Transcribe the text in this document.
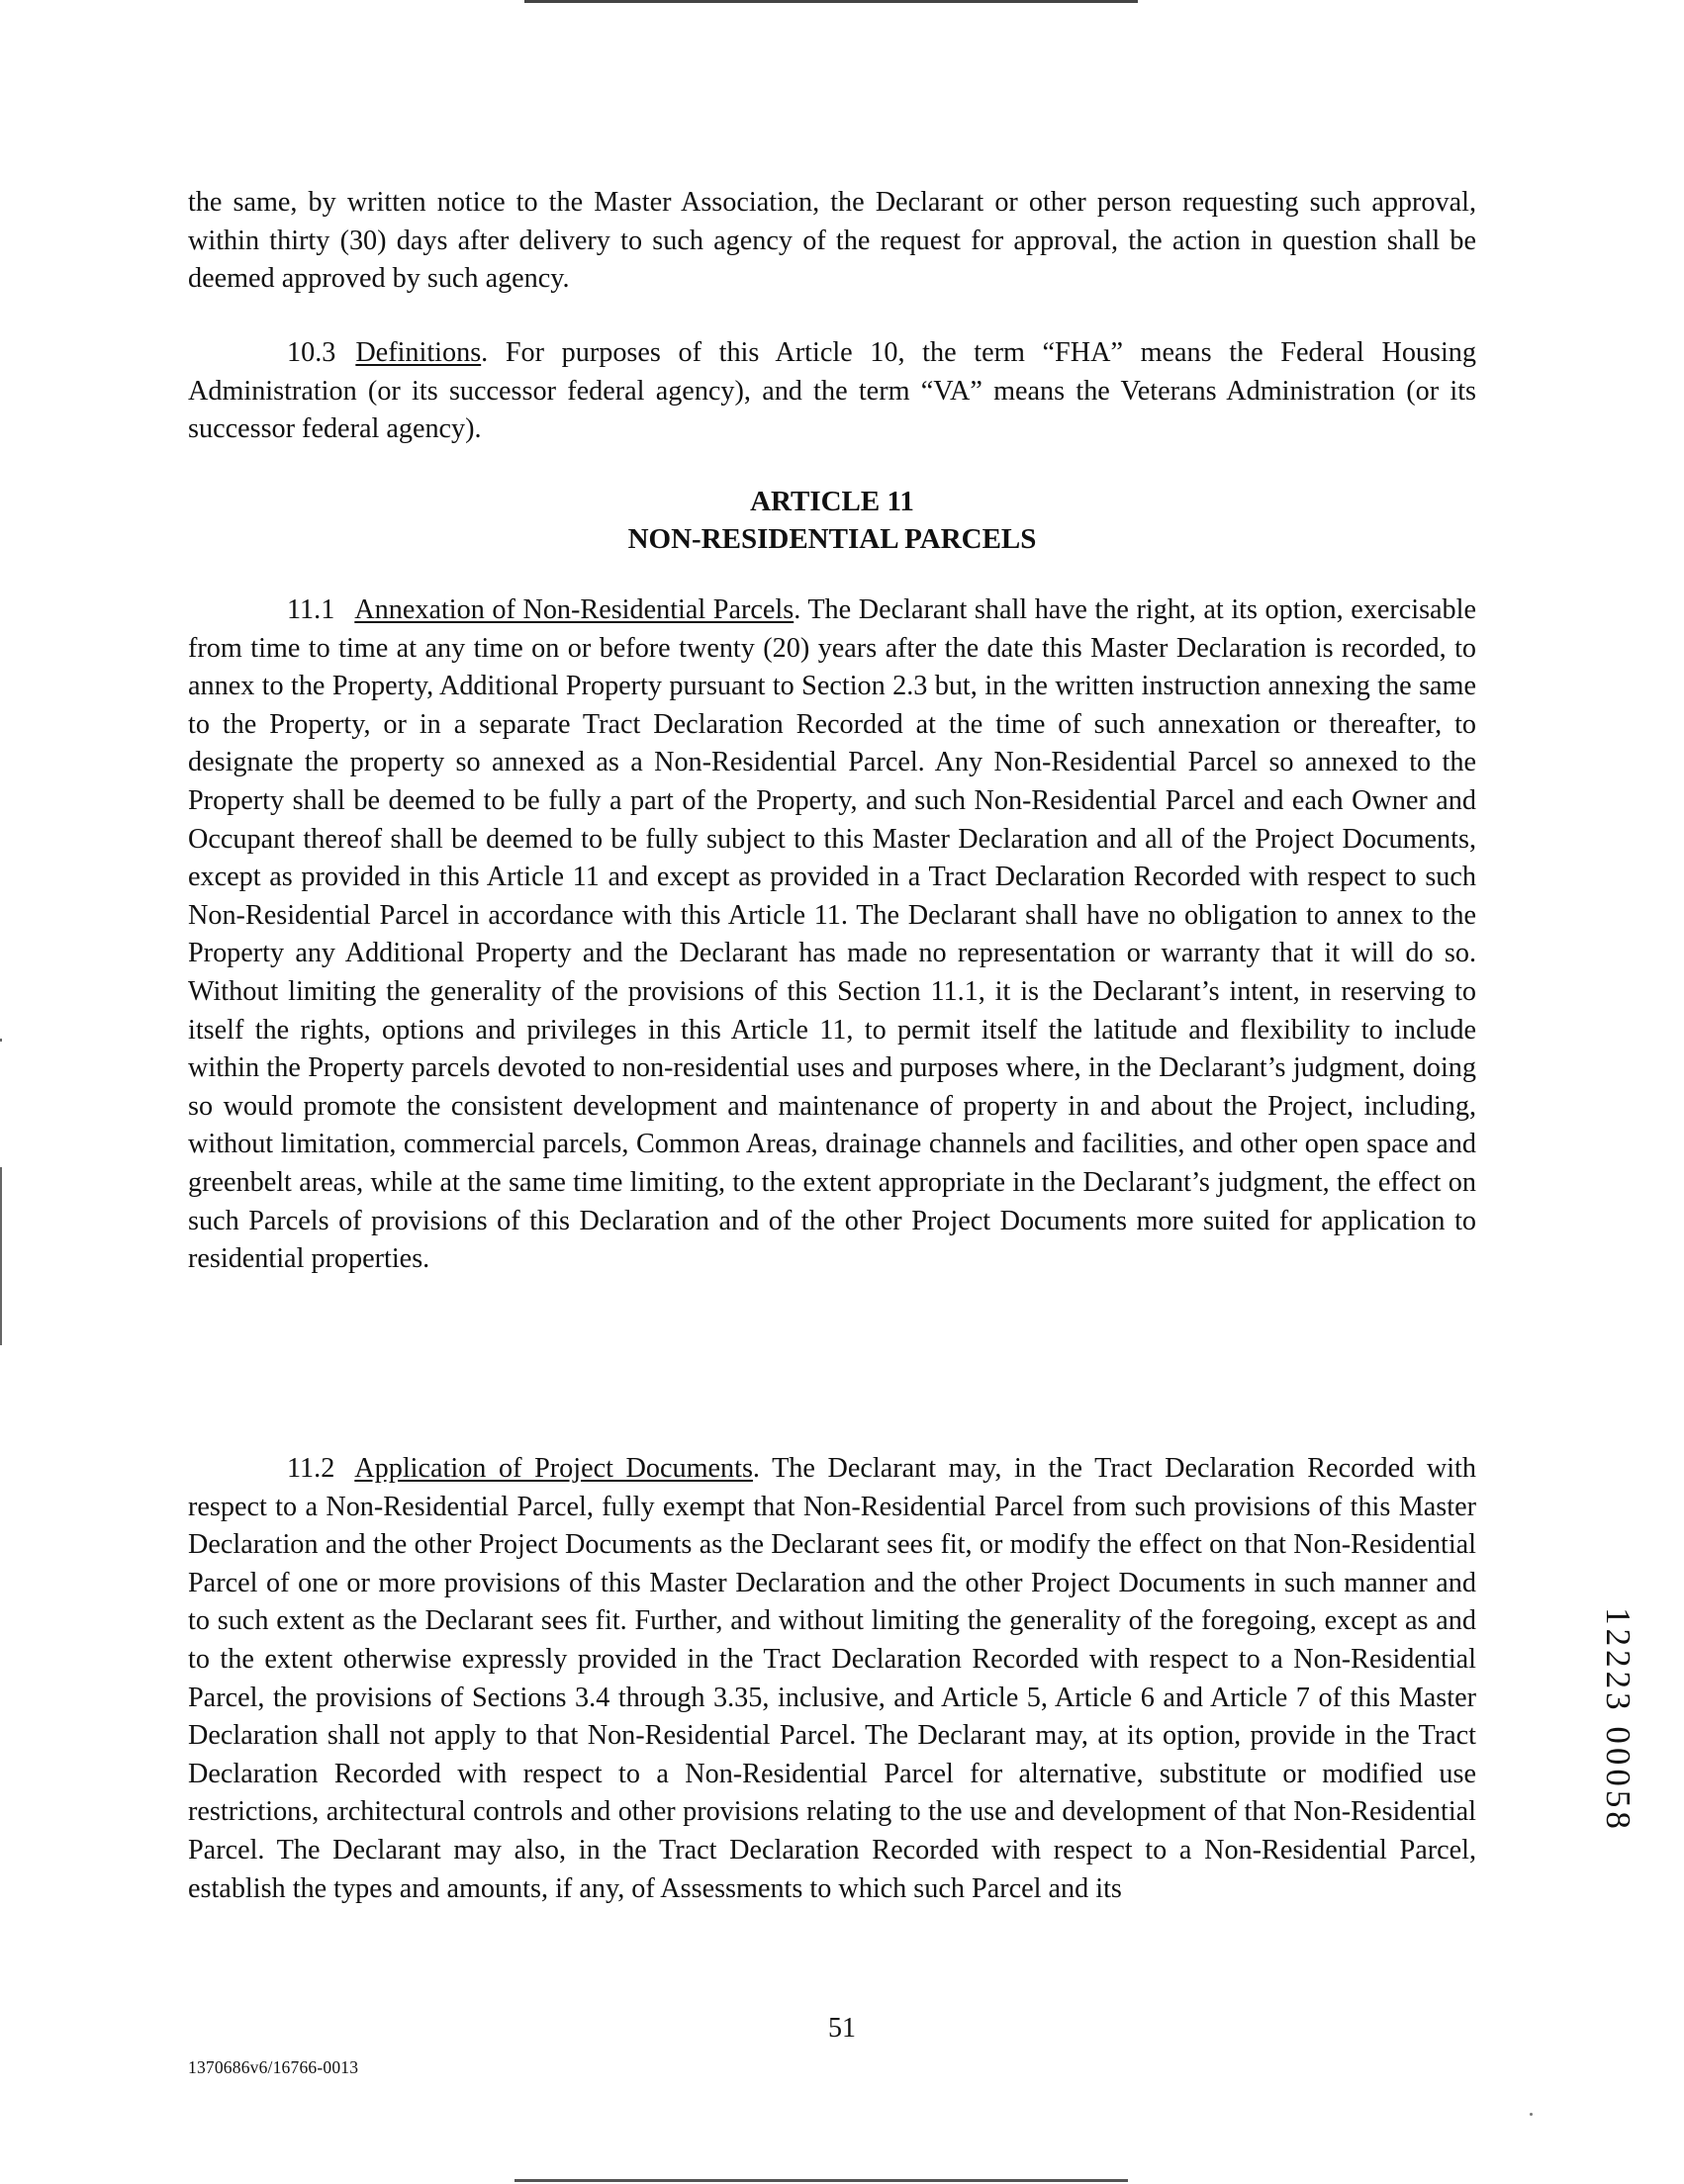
the same, by written notice to the Master Association, the Declarant or other person requesting such approval, within thirty (30) days after delivery to such agency of the request for approval, the action in question shall be deemed approved by such agency.

10.3 Definitions. For purposes of this Article 10, the term “FHA” means the Federal Housing Administration (or its successor federal agency), and the term “VA” means the Veterans Administration (or its successor federal agency).

ARTICLE 11
NON-RESIDENTIAL PARCELS

11.1 Annexation of Non-Residential Parcels. The Declarant shall have the right, at its option, exercisable from time to time at any time on or before twenty (20) years after the date this Master Declaration is recorded, to annex to the Property, Additional Property pursuant to Section 2.3 but, in the written instruction annexing the same to the Property, or in a separate Tract Declaration Recorded at the time of such annexation or thereafter, to designate the property so annexed as a Non-Residential Parcel. Any Non-Residential Parcel so annexed to the Property shall be deemed to be fully a part of the Property, and such Non-Residential Parcel and each Owner and Occupant thereof shall be deemed to be fully subject to this Master Declaration and all of the Project Documents, except as provided in this Article 11 and except as provided in a Tract Declaration Recorded with respect to such Non-Residential Parcel in accordance with this Article 11. The Declarant shall have no obligation to annex to the Property any Additional Property and the Declarant has made no representation or warranty that it will do so. Without limiting the generality of the provisions of this Section 11.1, it is the Declarant’s intent, in reserving to itself the rights, options and privileges in this Article 11, to permit itself the latitude and flexibility to include within the Property parcels devoted to non-residential uses and purposes where, in the Declarant’s judgment, doing so would promote the consistent development and maintenance of property in and about the Project, including, without limitation, commercial parcels, Common Areas, drainage channels and facilities, and other open space and greenbelt areas, while at the same time limiting, to the extent appropriate in the Declarant’s judgment, the effect on such Parcels of provisions of this Declaration and of the other Project Documents more suited for application to residential properties.

11.2 Application of Project Documents. The Declarant may, in the Tract Declaration Recorded with respect to a Non-Residential Parcel, fully exempt that Non-Residential Parcel from such provisions of this Master Declaration and the other Project Documents as the Declarant sees fit, or modify the effect on that Non-Residential Parcel of one or more provisions of this Master Declaration and the other Project Documents in such manner and to such extent as the Declarant sees fit. Further, and without limiting the generality of the foregoing, except as and to the extent otherwise expressly provided in the Tract Declaration Recorded with respect to a Non-Residential Parcel, the provisions of Sections 3.4 through 3.35, inclusive, and Article 5, Article 6 and Article 7 of this Master Declaration shall not apply to that Non-Residential Parcel. The Declarant may, at its option, provide in the Tract Declaration Recorded with respect to a Non-Residential Parcel for alternative, substitute or modified use restrictions, architectural controls and other provisions relating to the use and development of that Non-Residential Parcel. The Declarant may also, in the Tract Declaration Recorded with respect to a Non-Residential Parcel, establish the types and amounts, if any, of Assessments to which such Parcel and its

51
1370686v6/16766-0013
12223 00058
